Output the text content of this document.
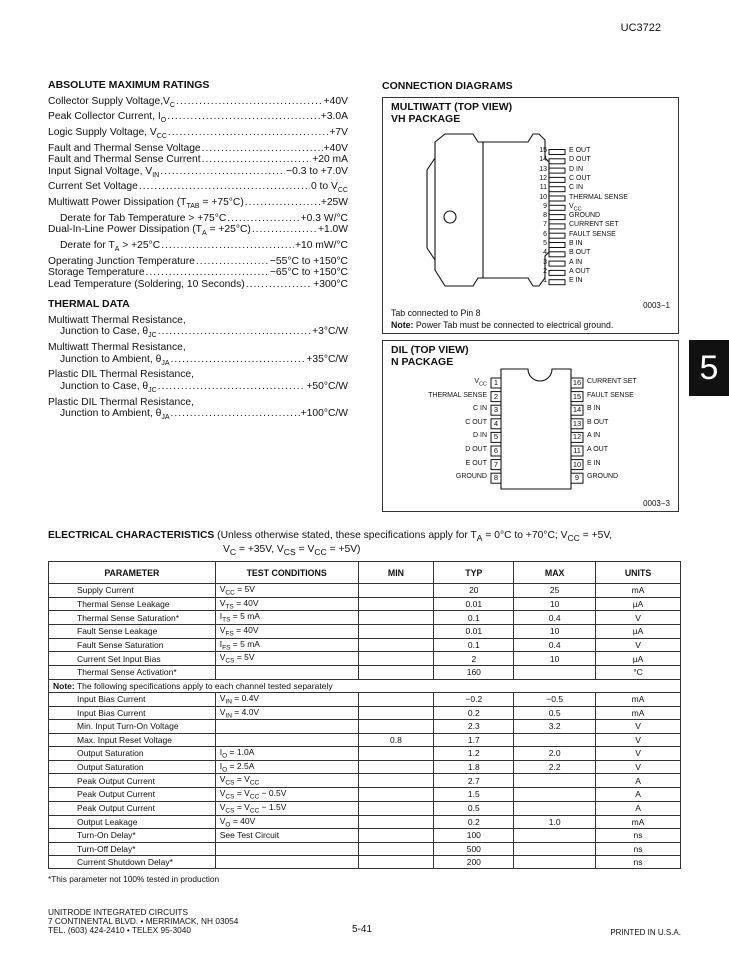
UC3722
ABSOLUTE MAXIMUM RATINGS
Collector Supply $Voltage,V_C$ .....	+40V
Peak Collector Current, $I_O$ .....	+3.0A
Logic Supply Voltage, $V_{CC}$ .....	+7V
Fault and Thermal Sense Voltage .....	+40V
Fault and Thermal Sense Current .....	+20 mA
Input Signal Voltage, $V_{IN}$ .....	−0.3 to +7.0V
Current Set Voltage .....	0 to $V_{CC}$
Multiwatt Power Dissipation $(T_{TAB} = +75^\circ C)$ .....	+25W
Derate for Tab Temperature > +75°C .....	+0.3 W/°C
Dual-In-Line Power Dissipation $(T_A = +25^\circ C)$ .....	+1.0W
Derate for $T_A > +25^\circ C$ .....	+10 mW/°C
Operating Junction Temperature .....	−55°C to +150°C
Storage Temperature .....	−65°C to +150°C
Lead Temperature (Soldering, 10 Seconds) .....	+300°C
THERMAL DATA
Multiwatt Thermal Resistance,
Junction to Case, $\theta_{JC}$ .....	+3°C/W
Multiwatt Thermal Resistance,
Junction to Ambient, $\theta_{JA}$ .....	+35°C/W
Plastic DIL Thermal Resistance,
Junction to Case, $\theta_{JC}$ .....	+50°C/W
Plastic DIL Thermal Resistance,
Junction to Ambient, $\theta_{JA}$ .....	+100°C/W
CONNECTION DIAGRAMS
MULTIWATT (TOP VIEW)
VH PACKAGE
15	E OUT
14	D OUT
13	D IN
12	C OUT
11	C IN
10	THERMAL SENSE
9	$V_{CC}$
8	GROUND
7	CURRENT SET
6	FAULT SENSE
5	B IN
4	B OUT
3	A IN
2	A OUT
1	E IN
0003−1
Tab connected to Pin 8
Note: Power Tab must be connected to electrical ground.
DIL (TOP VIEW)
N PACKAGE
1
$V_{CC}$
2
THERMAL SENSE
3
C IN
4
C OUT
5
D IN
6
D OUT
7
E OUT
8
GROUND
16 CURRENT SET
15 FAULT SENSE
14 B IN
13 B OUT
12 A IN
11 A OUT
10 E IN
9	GROUND
0003−3
5
ELECTRICAL CHARACTERISTICS (Unless otherwise stated, these specifications apply for $T_A = 0^\circ C$ to +70°C; $V_{CC} = +5V$,
$V_C = +35V$, $V_{CS} = V_{CC} = +5V$)
PARAMETER	TEST CONDITIONS	MIN	TYP	MAX	UNITS
Supply Current	$V_{CC} = 5V$		20	25	mA
Thermal Sense Leakage	$V_{TS} = 40V$		0.01	10	µA
Thermal Sense Saturation*	$I_{TS} = 5$ mA		0.1	0.4	V
Fault Sense Leakage	$V_{FS} = 40V$		0.01	10	µA
Fault Sense Saturation	$I_{FS} = 5$ mA		0.1	0.4	V
Current Set Input Bias	$V_{CS} = 5V$		2	10	µA
Thermal Sense Activation*			160		°C
Note: The following specifications apply to each channel tested separately					
Input Bias Current	$V_{IN} = 0.4V$		−0.2	−0.5	mA
Input Bias Current	$V_{IN} = 4.0V$		0.2	0.5	mA
Min. Input Turn-On Voltage			2.3	3.2	V
Max. Input Reset Voltage		0.8	1.7		V
Output Saturation	$I_O = 1.0A$		1.2	2.0	V
Output Saturation	$I_O = 2.5A$		1.8	2.2	V
Peak Output Current	$V_{CS} = V_{CC}$		2.7		A
Peak Output Current	$V_{CS} = V_{CC} - 0.5V$		1.5		A
Peak Output Current	$V_{CS} = V_{CC} - 1.5V$		0.5		A
Output Leakage	$V_O = 40V$		0.2	1.0	mA
Turn-On Delay*	See Test Circuit		100		ns
Turn-Off Delay*			500		ns
Current Shutdown Delay*			200		ns
*This parameter not 100% tested in production
UNITRODE INTEGRATED CIRCUITS
7 CONTINENTAL BLVD. • MERRIMACK, NH 03054
TEL. (603) 424-2410 • TELEX 95-3040	5-41	PRINTED IN U.S.A.
